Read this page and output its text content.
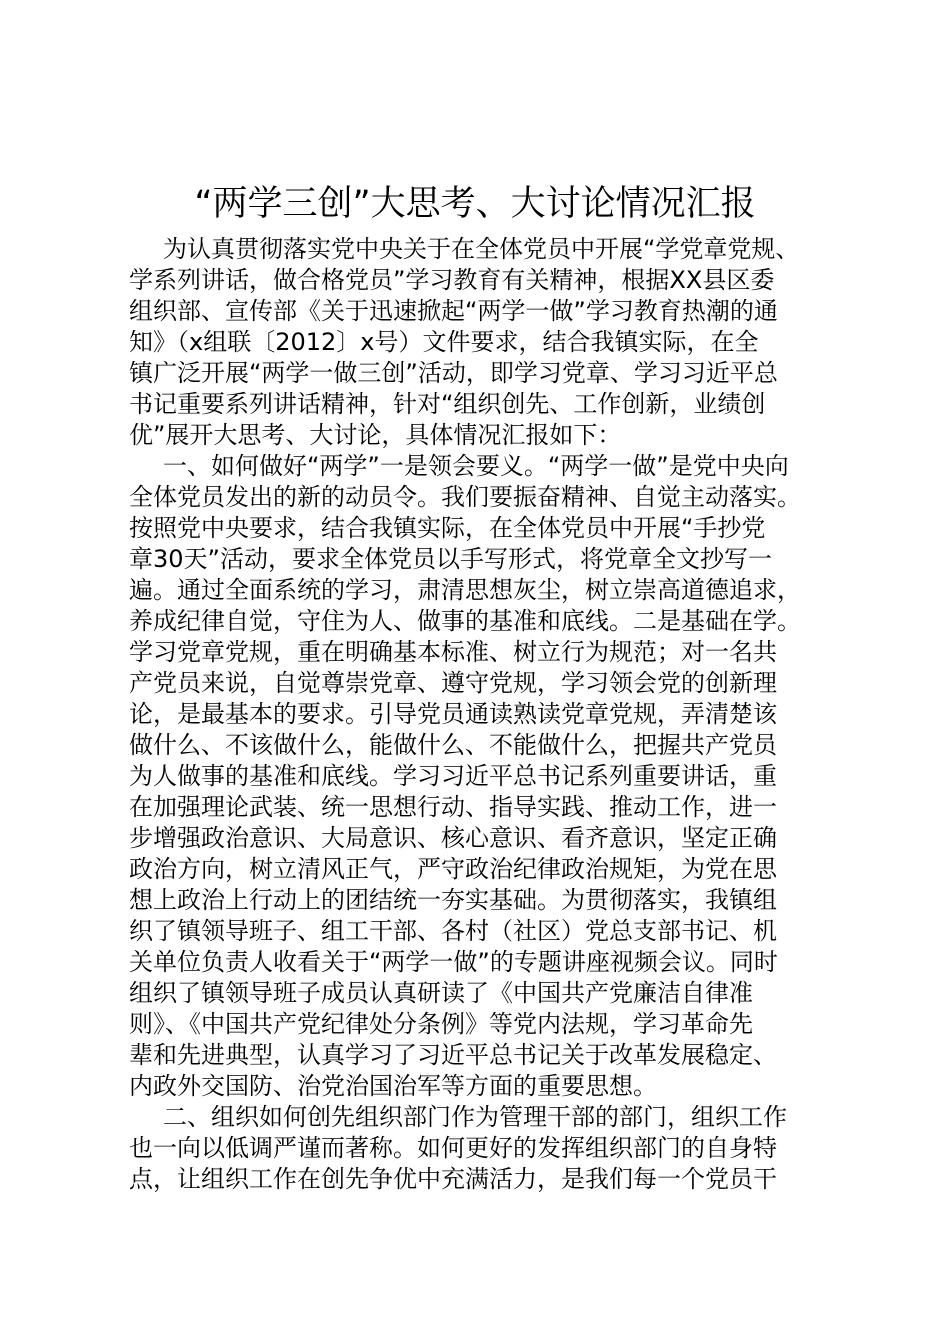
“两学三创”大思考、大讨论情况汇报
为认真贯彻落实党中央关于在全体党员中开展“学党章党规、
学系列讲话，做合格党员”学习教育有关精神，根据XX县区委
组织部、宣传部《关于迅速掀起“两学一做”学习教育热潮的通
知》（x组联〔2012〕x号）文件要求，结合我镇实际，在全
镇广泛开展“两学一做三创”活动，即学习党章、学习习近平总
书记重要系列讲话精神，针对“组织创先、工作创新，业绩创
优”展开大思考、大讨论，具体情况汇报如下：
一、如何做好“两学”一是领会要义。“两学一做”是党中央向
全体党员发出的新的动员令。我们要振奋精神、自觉主动落实。
按照党中央要求，结合我镇实际，在全体党员中开展“手抄党
章30天”活动，要求全体党员以手写形式，将党章全文抄写一
遍。通过全面系统的学习，肃清思想灰尘，树立崇高道德追求，
养成纪律自觉，守住为人、做事的基准和底线。二是基础在学。
学习党章党规，重在明确基本标准、树立行为规范；对一名共
产党员来说，自觉尊崇党章、遵守党规，学习领会党的创新理
论，是最基本的要求。引导党员通读熟读党章党规，弄清楚该
做什么、不该做什么，能做什么、不能做什么，把握共产党员
为人做事的基准和底线。学习习近平总书记系列重要讲话，重
在加强理论武装、统一思想行动、指导实践、推动工作，进一
步增强政治意识、大局意识、核心意识、看齐意识，坚定正确
政治方向，树立清风正气，严守政治纪律政治规矩，为党在思
想上政治上行动上的团结统一夯实基础。为贯彻落实，我镇组
织了镇领导班子、组工干部、各村（社区）党总支部书记、机
关单位负责人收看关于“两学一做”的专题讲座视频会议。同时
组织了镇领导班子成员认真研读了《中国共产党廉洁自律准
则》、《中国共产党纪律处分条例》等党内法规，学习革命先
辈和先进典型，认真学习了习近平总书记关于改革发展稳定、
内政外交国防、治党治国治军等方面的重要思想。
二、组织如何创先组织部门作为管理干部的部门，组织工作
也一向以低调严谨而著称。如何更好的发挥组织部门的自身特
点，让组织工作在创先争优中充满活力，是我们每一个党员干
